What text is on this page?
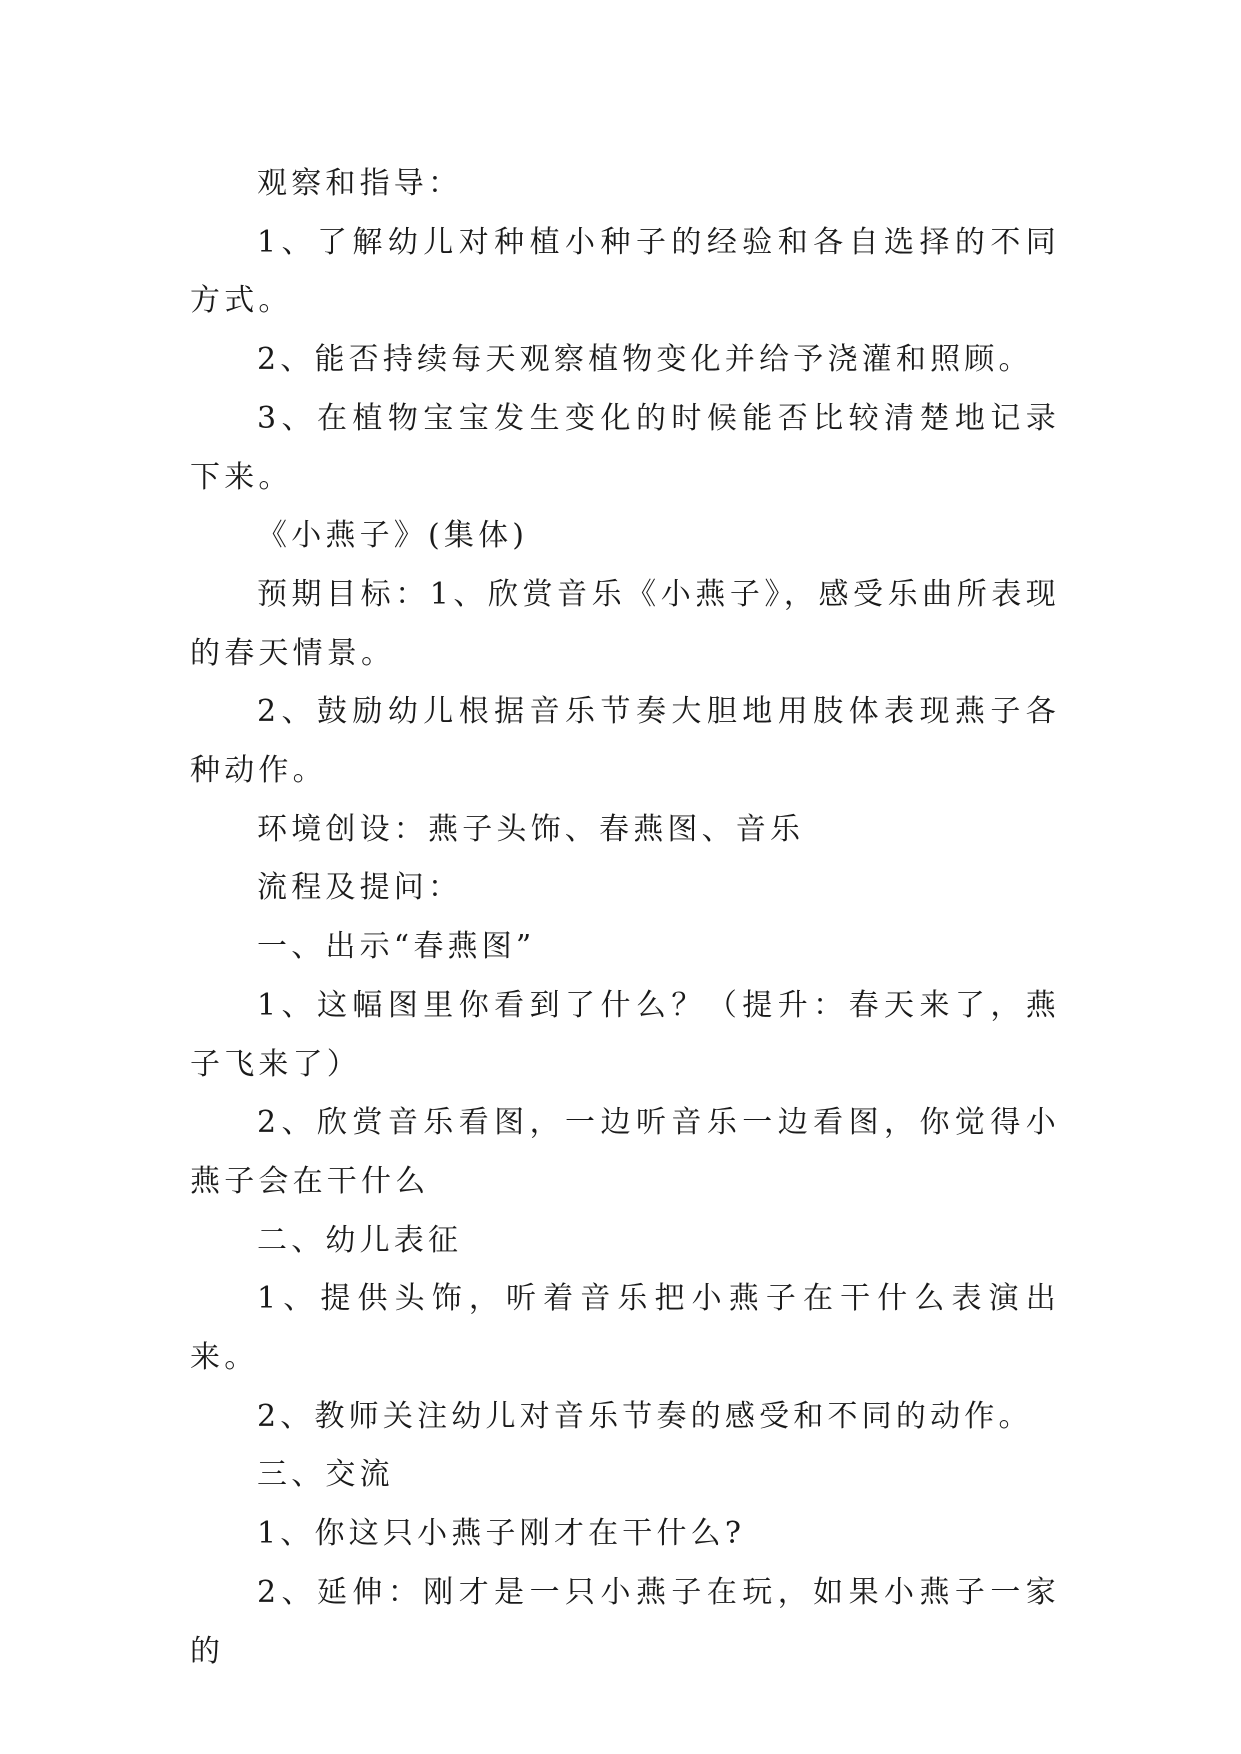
观察和指导：

1、了解幼儿对种植小种子的经验和各自选择的不同方式。

2、能否持续每天观察植物变化并给予浇灌和照顾。

3、在植物宝宝发生变化的时候能否比较清楚地记录下来。

《小燕子》(集体)

预期目标：1、欣赏音乐《小燕子》，感受乐曲所表现的春天情景。

2、鼓励幼儿根据音乐节奏大胆地用肢体表现燕子各种动作。

环境创设：燕子头饰、春燕图、音乐

流程及提问：

一、出示“春燕图”

1、这幅图里你看到了什么？（提升：春天来了，燕子飞来了）

2、欣赏音乐看图，一边听音乐一边看图，你觉得小燕子会在干什么

二、幼儿表征

1、提供头饰，听着音乐把小燕子在干什么表演出来。

2、教师关注幼儿对音乐节奏的感受和不同的动作。

三、交流

1、你这只小燕子刚才在干什么?

2、延伸：刚才是一只小燕子在玩，如果小燕子一家的
